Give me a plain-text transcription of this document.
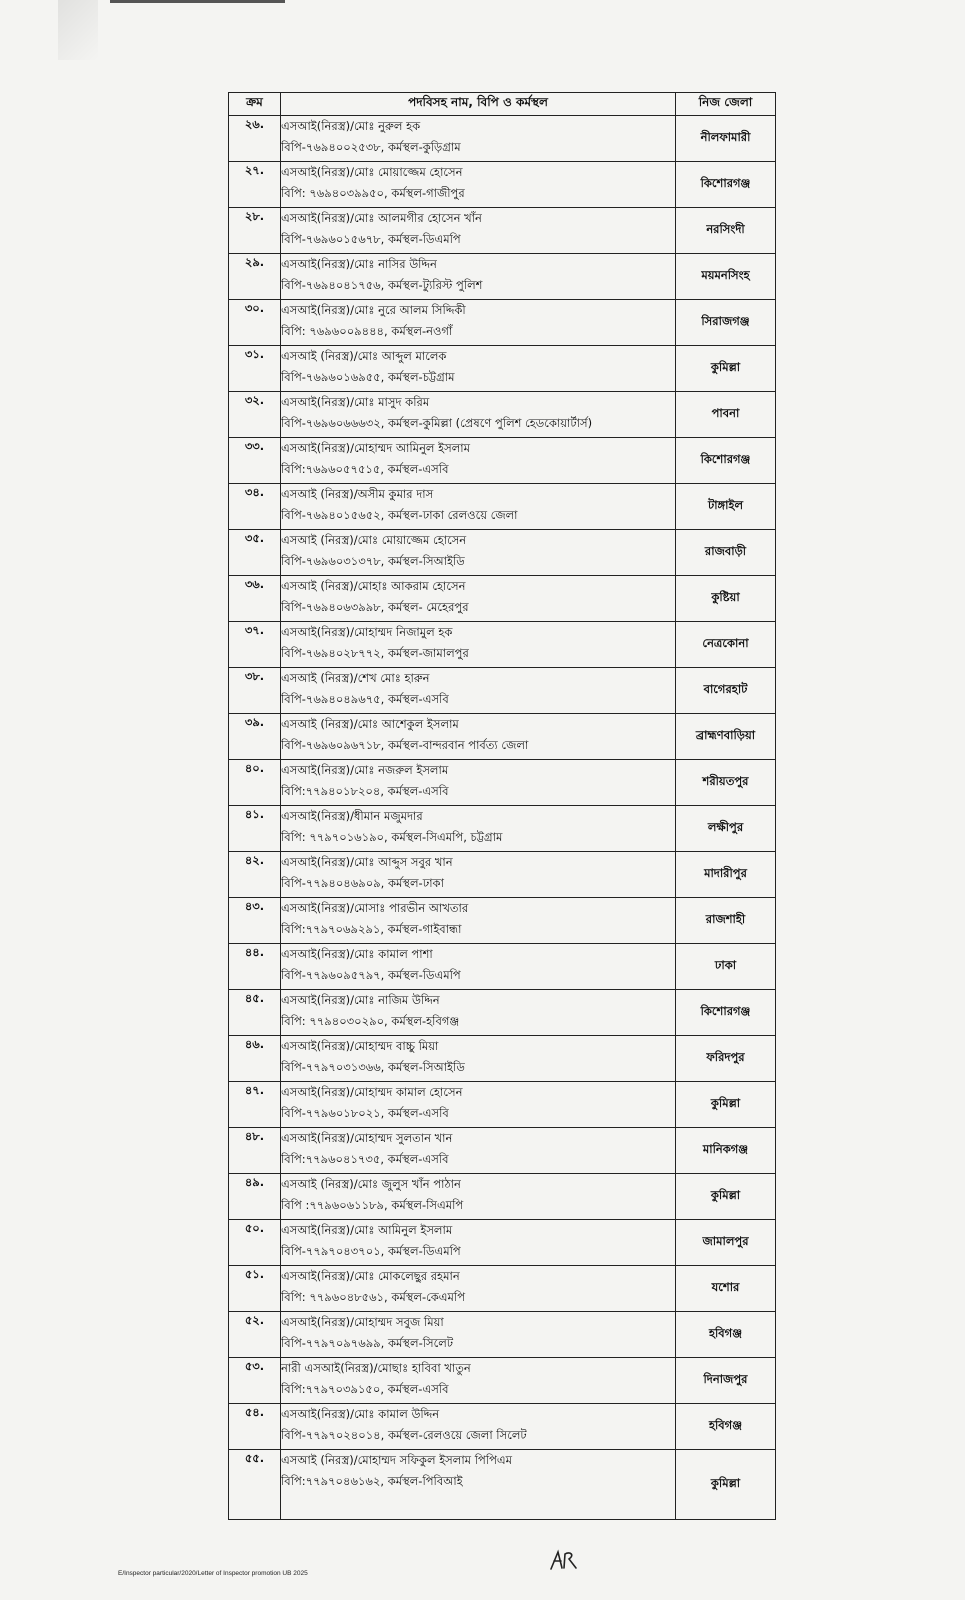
ক্রম	পদবিসহ নাম, বিপি ও কর্মস্থল	নিজ জেলা
২৬.	এসআই(নিরস্ত্র)/মোঃ নুরুল হক
বিপি-৭৬৯৪০০২৫৩৮, কর্মস্থল-কুড়িগ্রাম	নীলফামারী
২৭.	এসআই(নিরস্ত্র)/মোঃ মোয়াজ্জেম হোসেন
বিপি: ৭৬৯৪০৩৯৯৫০, কর্মস্থল-গাজীপুর	কিশোরগঞ্জ
২৮.	এসআই(নিরস্ত্র)/মোঃ আলমগীর হোসেন খাঁন
বিপি-৭৬৯৬০১৫৬৭৮, কর্মস্থল-ডিএমপি	নরসিংদী
২৯.	এসআই(নিরস্ত্র)/মোঃ নাসির উদ্দিন
বিপি-৭৬৯৪০৪১৭৫৬, কর্মস্থল-ট্যুরিস্ট পুলিশ	ময়মনসিংহ
৩০.	এসআই(নিরস্ত্র)/মোঃ নুরে আলম সিদ্দিকী
বিপি: ৭৬৯৬০০৯৪৪৪, কর্মস্থল-নওগাঁ	সিরাজগঞ্জ
৩১.	এসআই (নিরস্ত্র)/মোঃ আব্দুল মালেক
বিপি-৭৬৯৬০১৬৯৫৫, কর্মস্থল-চট্টগ্রাম	কুমিল্লা
৩২.	এসআই(নিরস্ত্র)/মোঃ মাসুদ করিম
বিপি-৭৬৯৬০৬৬৬৩২, কর্মস্থল-কুমিল্লা (প্রেষণে পুলিশ হেডকোয়ার্টার্স)	পাবনা
৩৩.	এসআই(নিরস্ত্র)/মোহাম্মদ আমিনুল ইসলাম
বিপি:৭৬৯৬০৫৭৫১৫, কর্মস্থল-এসবি	কিশোরগঞ্জ
৩৪.	এসআই (নিরস্ত্র)/অসীম কুমার দাস
বিপি-৭৬৯৪০১৫৬৫২, কর্মস্থল-ঢাকা রেলওয়ে জেলা	টাঙ্গাইল
৩৫.	এসআই (নিরস্ত্র)/মোঃ মোয়াজ্জেম হোসেন
বিপি-৭৬৯৬০৩১৩৭৮, কর্মস্থল-সিআইডি	রাজবাড়ী
৩৬.	এসআই (নিরস্ত্র)/মোহাঃ আকরাম হোসেন
বিপি-৭৬৯৪০৬৩৯৯৮, কর্মস্থল- মেহেরপুর	কুষ্টিয়া
৩৭.	এসআই(নিরস্ত্র)/মোহাম্মদ নিজামুল হক
বিপি-৭৬৯৪০২৮৭৭২, কর্মস্থল-জামালপুর	নেত্রকোনা
৩৮.	এসআই (নিরস্ত্র)/শেখ মোঃ হারুন
বিপি-৭৬৯৪০৪৯৬৭৫, কর্মস্থল-এসবি	বাগেরহাট
৩৯.	এসআই (নিরস্ত্র)/মোঃ আশেকুল ইসলাম
বিপি-৭৬৯৬০৯৬৭১৮, কর্মস্থল-বান্দরবান পার্বত্য জেলা	ব্রাহ্মণবাড়িয়া
৪০.	এসআই(নিরস্ত্র)/মোঃ নজরুল ইসলাম
বিপি:৭৭৯৪০১৮২০৪, কর্মস্থল-এসবি	শরীয়তপুর
৪১.	এসআই(নিরস্ত্র)/ধীমান মজুমদার
বিপি: ৭৭৯৭০১৬১৯০, কর্মস্থল-সিএমপি, চট্টগ্রাম	লক্ষীপুর
৪২.	এসআই(নিরস্ত্র)/মোঃ আব্দুস সবুর খান
বিপি-৭৭৯৪০৪৬৯০৯, কর্মস্থল-ঢাকা	মাদারীপুর
৪৩.	এসআই(নিরস্ত্র)/মোসাঃ পারভীন আখতার
বিপি:৭৭৯৭০৬৯২৯১, কর্মস্থল-গাইবান্ধা	রাজশাহী
৪৪.	এসআই(নিরস্ত্র)/মোঃ কামাল পাশা
বিপি-৭৭৯৬০৯৫৭৯৭, কর্মস্থল-ডিএমপি	ঢাকা
৪৫.	এসআই(নিরস্ত্র)/মোঃ নাজিম উদ্দিন
বিপি: ৭৭৯৪০৩০২৯০, কর্মস্থল-হবিগঞ্জ	কিশোরগঞ্জ
৪৬.	এসআই(নিরস্ত্র)/মোহাম্মদ বাচ্চু মিয়া
বিপি-৭৭৯৭০৩১৩৬৬, কর্মস্থল-সিআইডি	ফরিদপুর
৪৭.	এসআই(নিরস্ত্র)/মোহাম্মদ কামাল হোসেন
বিপি-৭৭৯৬০১৮০২১, কর্মস্থল-এসবি	কুমিল্লা
৪৮.	এসআই(নিরস্ত্র)/মোহাম্মদ সুলতান খান
বিপি:৭৭৯৬০৪১৭৩৫, কর্মস্থল-এসবি	মানিকগঞ্জ
৪৯.	এসআই (নিরস্ত্র)/মোঃ জুলুস খাঁন পাঠান
বিপি :৭৭৯৬০৬১১৮৯, কর্মস্থল-সিএমপি	কুমিল্লা
৫০.	এসআই(নিরস্ত্র)/মোঃ আমিনুল ইসলাম
বিপি-৭৭৯৭০৪৩৭০১, কর্মস্থল-ডিএমপি	জামালপুর
৫১.	এসআই(নিরস্ত্র)/মোঃ মোকলেছুর রহমান
বিপি: ৭৭৯৬০৪৮৫৬১, কর্মস্থল-কেএমপি	যশোর
৫২.	এসআই(নিরস্ত্র)/মোহাম্মদ সবুজ মিয়া
বিপি-৭৭৯৭০৯৭৬৯৯, কর্মস্থল-সিলেট	হবিগঞ্জ
৫৩.	নারী এসআই(নিরস্ত্র)/মোছাঃ হাবিবা খাতুন
বিপি:৭৭৯৭০৩৯১৫০, কর্মস্থল-এসবি	দিনাজপুর
৫৪.	এসআই(নিরস্ত্র)/মোঃ কামাল উদ্দিন
বিপি-৭৭৯৭০২৪০১৪, কর্মস্থল-রেলওয়ে জেলা সিলেট	হবিগঞ্জ
৫৫.	এসআই (নিরস্ত্র)/মোহাম্মদ সফিকুল ইসলাম পিপিএম
বিপি:৭৭৯৭০৪৬১৬২, কর্মস্থল-পিবিআই	কুমিল্লা
E/Inspector particular/2020/Letter of Inspector promotion UB 2025
